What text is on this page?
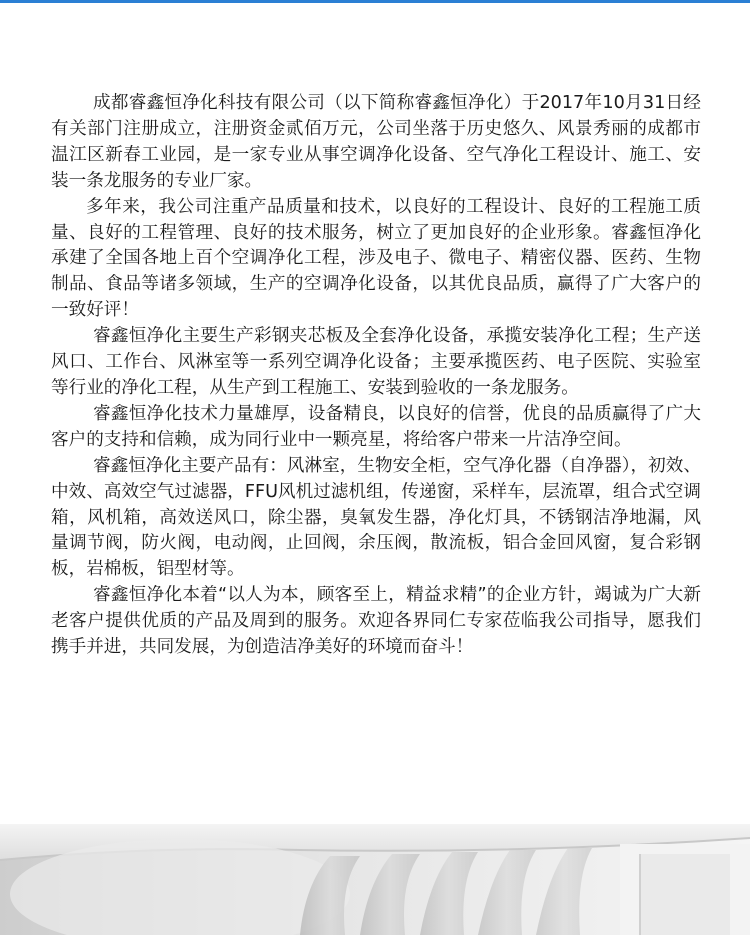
成都睿鑫恒净化科技有限公司（以下简称睿鑫恒净化）于2017年10月31日经有关部门注册成立，注册资金贰佰万元，公司坐落于历史悠久、风景秀丽的成都市温江区新春工业园，是一家专业从事空调净化设备、空气净化工程设计、施工、安装一条龙服务的专业厂家。

多年来，我公司注重产品质量和技术，以良好的工程设计、良好的工程施工质量、良好的工程管理、良好的技术服务，树立了更加良好的企业形象。睿鑫恒净化承建了全国各地上百个空调净化工程，涉及电子、微电子、精密仪器、医药、生物制品、食品等诸多领域，生产的空调净化设备，以其优良品质，赢得了广大客户的一致好评！

睿鑫恒净化主要生产彩钢夹芯板及全套净化设备，承揽安装净化工程；生产送风口、工作台、风淋室等一系列空调净化设备；主要承揽医药、电子医院、实验室等行业的净化工程，从生产到工程施工、安装到验收的一条龙服务。

睿鑫恒净化技术力量雄厚，设备精良，以良好的信誉，优良的品质赢得了广大客户的支持和信赖，成为同行业中一颗亮星，将给客户带来一片洁净空间。

睿鑫恒净化主要产品有：风淋室，生物安全柜，空气净化器（自净器），初效、中效、高效空气过滤器，FFU风机过滤机组，传递窗，采样车，层流罩，组合式空调箱，风机箱，高效送风口，除尘器，臭氧发生器，净化灯具，不锈钢洁净地漏，风量调节阀，防火阀，电动阀，止回阀，余压阀，散流板，铝合金回风窗，复合彩钢板，岩棉板，铝型材等。

睿鑫恒净化本着“以人为本，顾客至上，精益求精”的企业方针，竭诚为广大新老客户提供优质的产品及周到的服务。欢迎各界同仁专家莅临我公司指导，愿我们携手并进，共同发展，为创造洁净美好的环境而奋斗！
